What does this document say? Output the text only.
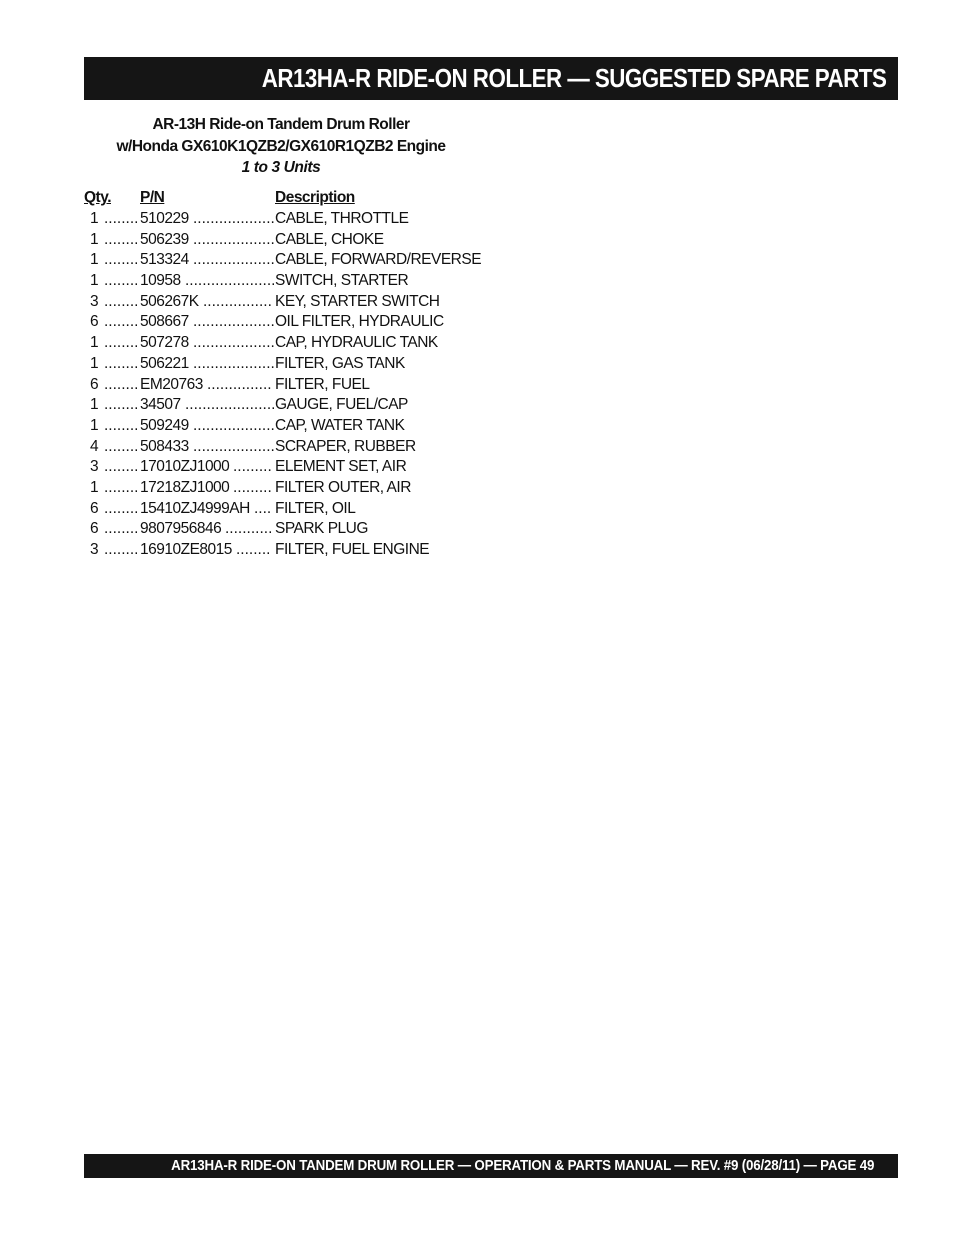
AR13HA-R RIDE-ON ROLLER — SUGGESTED SPARE PARTS
AR-13H Ride-on Tandem Drum Roller
w/Honda GX610K1QZB2/GX610R1QZB2 Engine
1 to 3 Units
Qty. P/N	Description
1 ........ 510229 ................... CABLE, THROTTLE
1 ........ 506239 ................... CABLE, CHOKE
1 ........ 513324 ................... CABLE, FORWARD/REVERSE
1 ........ 10958 ..................... SWITCH, STARTER
3 ........ 506267K ................ KEY, STARTER SWITCH
6 ........ 508667 ................... OIL FILTER, HYDRAULIC
1 ........ 507278 ................... CAP, HYDRAULIC TANK
1 ........ 506221 ................... FILTER, GAS TANK
6 ........ EM20763 ............... FILTER, FUEL
1 ........ 34507 ..................... GAUGE, FUEL/CAP
1 ........ 509249 ................... CAP, WATER TANK
4 ........ 508433 ................... SCRAPER, RUBBER
3 ........ 17010ZJ1000 ......... ELEMENT SET, AIR
1 ........ 17218ZJ1000 ......... FILTER OUTER, AIR
6 ........ 15410ZJ4999AH .... FILTER, OIL
6 ........ 9807956846 ........... SPARK PLUG
3 ........ 16910ZE8015 ........ FILTER, FUEL ENGINE
AR13HA-R RIDE-ON TANDEM DRUM ROLLER — OPERATION & PARTS MANUAL — REV. #9 (06/28/11) — PAGE 49
